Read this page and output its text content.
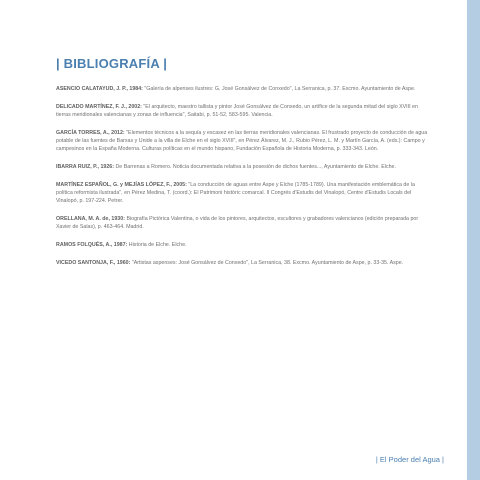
| BIBLIOGRAFÍA |

ASENCIO CALATAYUD, J. P., 1984: "Galería de alpenses ilustres: G. José Gonsálvez de Conxedo", La Serranica, p. 37. Excmo. Ayuntamiento de Aspe.

DELICADO MARTÍNEZ, F. J., 2002: "El arquitecto, maestro tallista y pintor José Gonsálvez de Conxedo, un artífice de la segunda mitad del siglo XVIII en tierras meridionales valencianas y zonas de influencia", Saitabi, p. 51-52, 583-595. Valencia.

GARCÍA TORRES, A., 2012: "Elementos técnicos a la sequía y escasez en las tierras meridionales valencianas. El frustrado proyecto de conducción de agua potable de las fuentes de Barxas y Unide a la villa de Elche en el siglo XVIII", en Pérez Álvarez, M. J., Rubio Pérez, L. M. y Martín García, A. (eds.): Campo y campesinos en la España Moderna. Culturas políticas en el mundo hispano, Fundación Española de Historia Moderna, p. 333-343. León.

IBARRA RUIZ, P., 1926: De Barrenas a Romero. Noticia documentada relativa a la posesión de dichos fuentes..., Ayuntamiento de Elche. Elche.

MARTÍNEZ ESPAÑOL, G. y MEJÍAS LÓPEZ, F., 2005: "La conducción de aguas entre Aspe y Elche (1785-1789). Una manifestación emblemática de la política reformista ilustrada", en Pérez Medina, T. (coord.): El Patrimoni històric comarcal. II Congrés d'Estudis del Vinalopó, Centre d'Estudis Locals del Vinalopó, p. 197-224. Petrer.

ORELLANA, M. A. de, 1930: Biografía Pictórica Valentina, o vida de los pintores, arquitectos, escultores y grabadores valencianos (edición preparada por Xavier de Salas), p. 463-464. Madrid.

RAMOS FOLQUÉS, A., 1987: Historia de Elche. Elche.

VICEDO SANTONJA, F., 1960: "Artistas aspenses: José Gonsálvez de Conxedo", La Serranica, 38. Excmo. Ayuntamiento de Aspe, p. 33-35. Aspe.

| El Poder del Agua |
